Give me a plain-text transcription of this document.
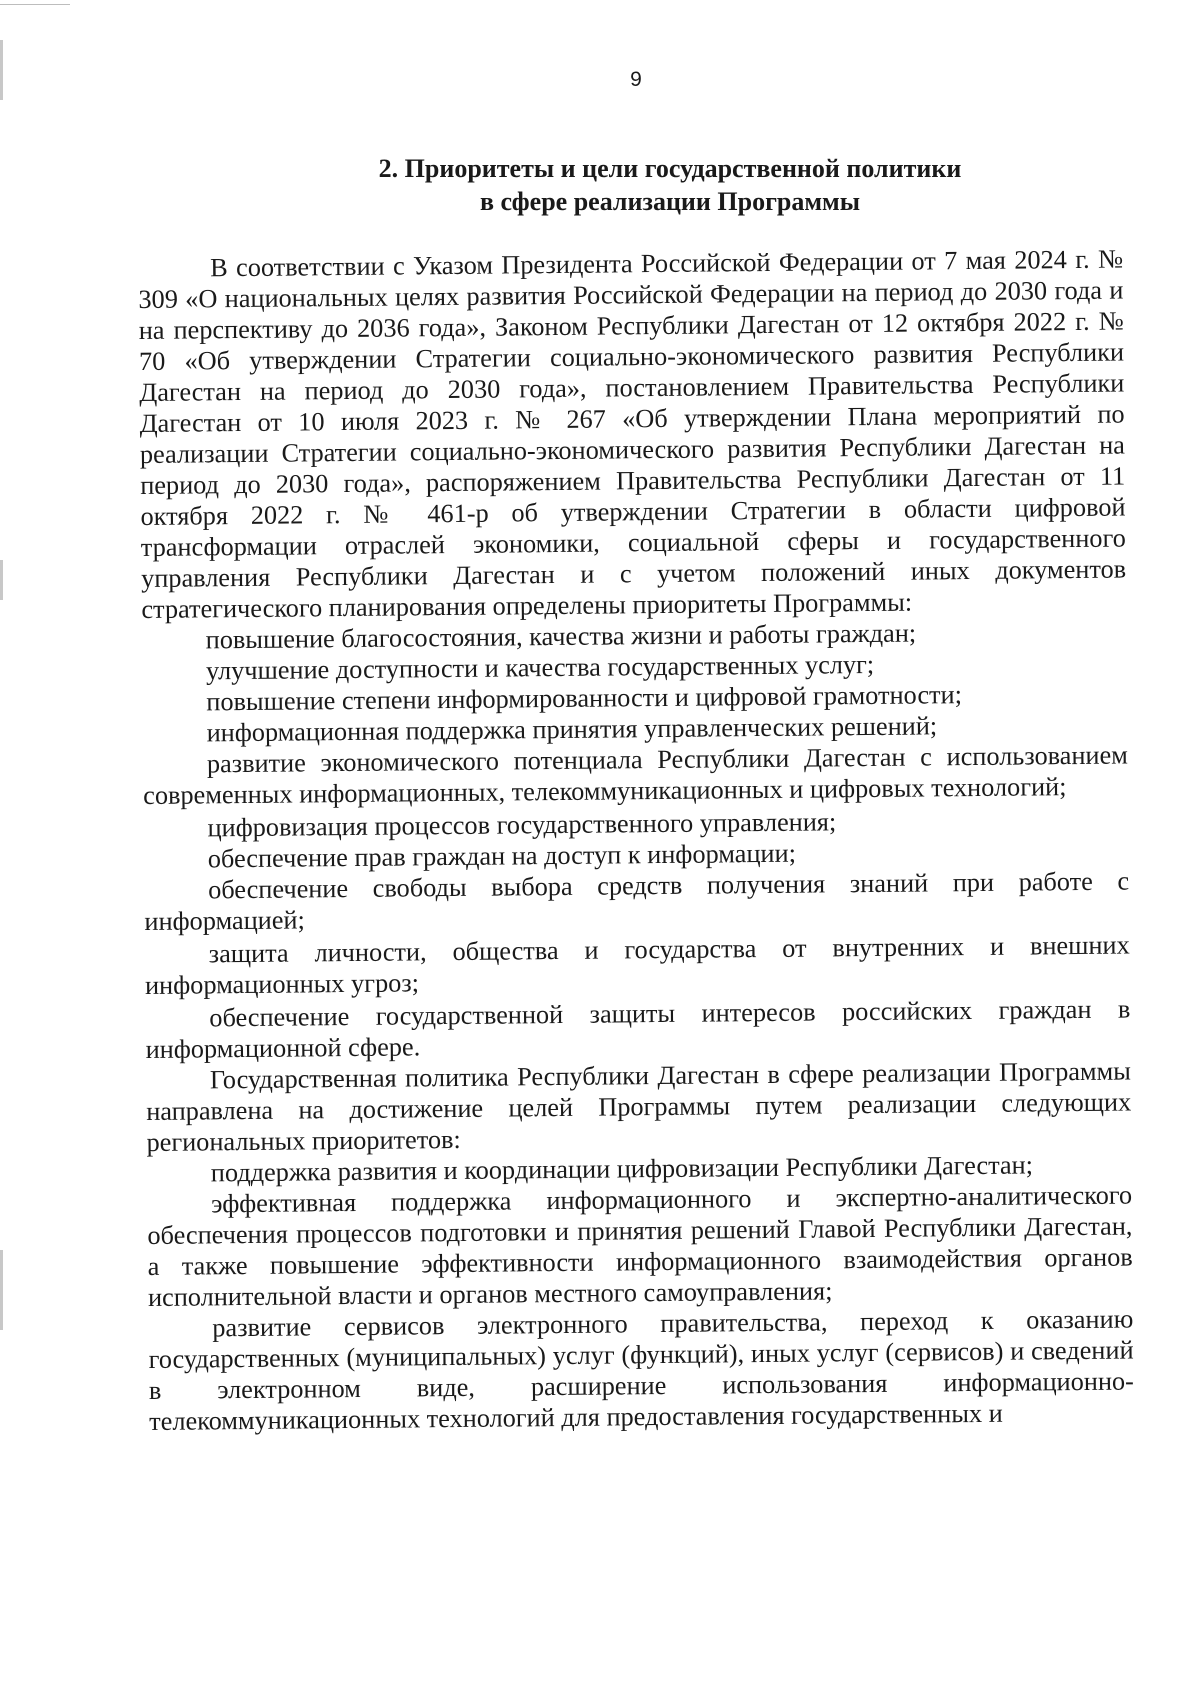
9
2. Приоритеты и цели государственной политики
в сфере реализации Программы

В соответствии с Указом Президента Российской Федерации от 7 мая 2024 г. № 309 «О национальных целях развития Российской Федерации на период до 2030 года и на перспективу до 2036 года», Законом Республики Дагестан от 12 октября 2022 г. № 70 «Об утверждении Стратегии социально-экономического развития Республики Дагестан на период до 2030 года», постановлением Правительства Республики Дагестан от 10 июля 2023 г. № 267 «Об утверждении Плана мероприятий по реализации Стратегии социально-экономического развития Республики Дагестан на период до 2030 года», распоряжением Правительства Республики Дагестан от 11 октября 2022 г. № 461-р об утверждении Стратегии в области цифровой трансформации отраслей экономики, социальной сферы и государственного управления Республики Дагестан и с учетом положений иных документов стратегического планирования определены приоритеты Программы:

повышение благосостояния, качества жизни и работы граждан;

улучшение доступности и качества государственных услуг;

повышение степени информированности и цифровой грамотности;

информационная поддержка принятия управленческих решений;

развитие экономического потенциала Республики Дагестан с использованием современных информационных, телекоммуникационных и цифровых технологий;

цифровизация процессов государственного управления;

обеспечение прав граждан на доступ к информации;

обеспечение свободы выбора средств получения знаний при работе с информацией;

защита личности, общества и государства от внутренних и внешних информационных угроз;

обеспечение государственной защиты интересов российских граждан в информационной сфере.

Государственная политика Республики Дагестан в сфере реализации Программы направлена на достижение целей Программы путем реализации следующих региональных приоритетов:

поддержка развития и координации цифровизации Республики Дагестан;

эффективная поддержка информационного и экспертно-аналитического обеспечения процессов подготовки и принятия решений Главой Республики Дагестан, а также повышение эффективности информационного взаимодействия органов исполнительной власти и органов местного самоуправления;

развитие сервисов электронного правительства, переход к оказанию государственных (муниципальных) услуг (функций), иных услуг (сервисов) и сведений в электронном виде, расширение использования информационно-телекоммуникационных технологий для предоставления государственных и
